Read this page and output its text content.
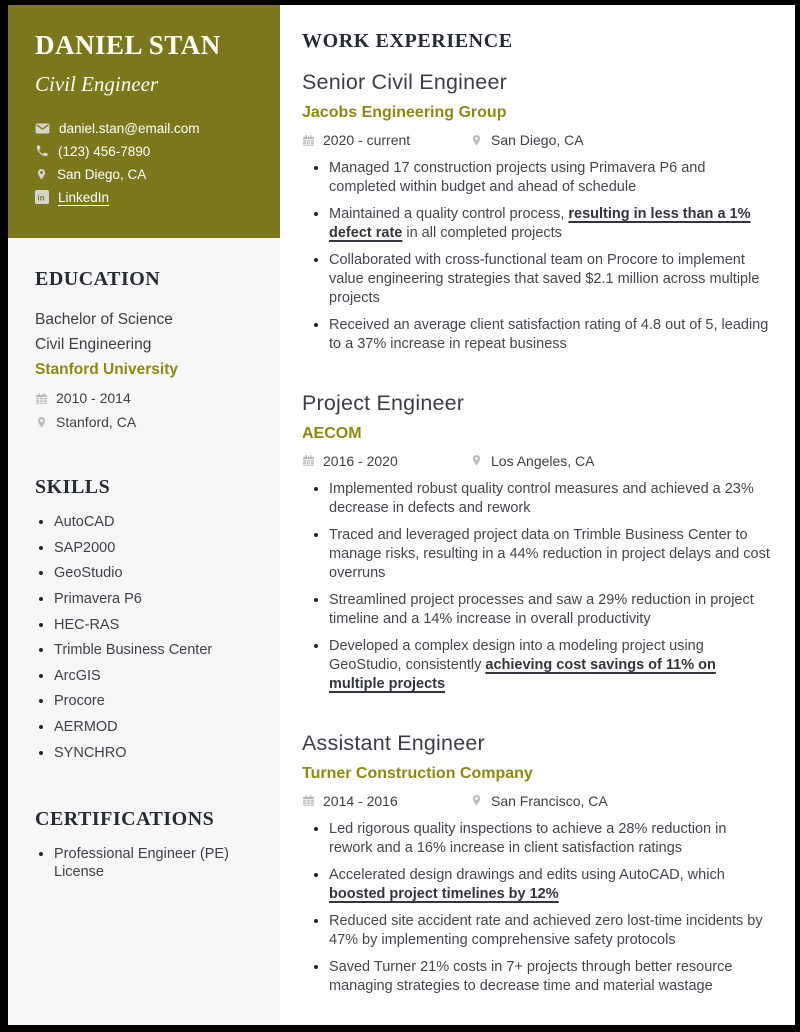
DANIEL STAN
Civil Engineer
daniel.stan@email.com
(123) 456-7890
San Diego, CA
in LinkedIn
EDUCATION
Bachelor of Science
Civil Engineering
Stanford University
2010 - 2014
Stanford, CA
SKILLS
• AutoCAD
• SAP2000
• GeoStudio
• Primavera P6
• HEC-RAS
• Trimble Business Center
• ArcGIS
• Procore
• AERMOD
• SYNCHRO
CERTIFICATIONS
• Professional Engineer (PE) License
WORK EXPERIENCE
Senior Civil Engineer
Jacobs Engineering Group
2020 - current	San Diego, CA
• Managed 17 construction projects using Primavera P6 and completed within budget and ahead of schedule
• Maintained a quality control process, resulting in less than a 1% defect rate in all completed projects
• Collaborated with cross-functional team on Procore to implement value engineering strategies that saved $2.1 million across multiple projects
• Received an average client satisfaction rating of 4.8 out of 5, leading to a 37% increase in repeat business
Project Engineer
AECOM
2016 - 2020	Los Angeles, CA
• Implemented robust quality control measures and achieved a 23% decrease in defects and rework
• Traced and leveraged project data on Trimble Business Center to manage risks, resulting in a 44% reduction in project delays and cost overruns
• Streamlined project processes and saw a 29% reduction in project timeline and a 14% increase in overall productivity
• Developed a complex design into a modeling project using GeoStudio, consistently achieving cost savings of 11% on multiple projects
Assistant Engineer
Turner Construction Company
2014 - 2016	San Francisco, CA
• Led rigorous quality inspections to achieve a 28% reduction in rework and a 16% increase in client satisfaction ratings
• Accelerated design drawings and edits using AutoCAD, which boosted project timelines by 12%
• Reduced site accident rate and achieved zero lost-time incidents by 47% by implementing comprehensive safety protocols
• Saved Turner 21% costs in 7+ projects through better resource managing strategies to decrease time and material wastage
